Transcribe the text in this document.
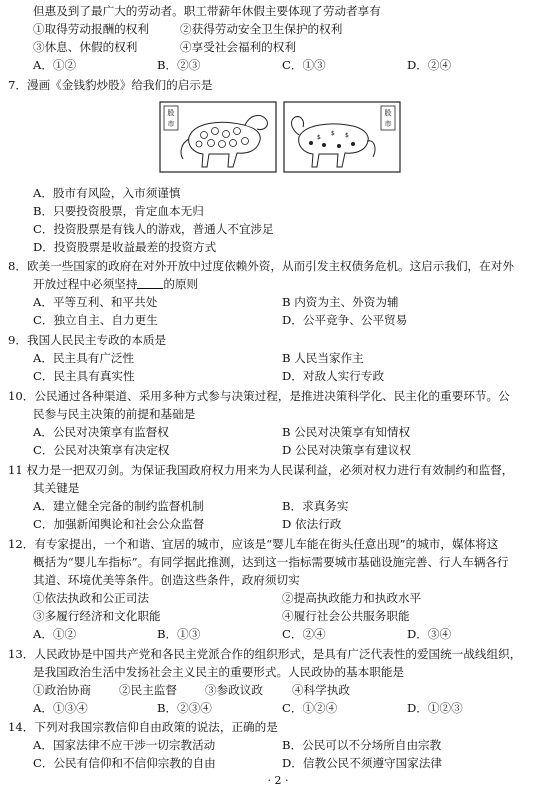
但惠及到了最广大的劳动者。职工带薪年休假主要体现了劳动者享有
①取得劳动报酬的权利	②获得劳动安全卫生保护的权利
③休息、休假的权利	④享受社会福利的权利
A．①②	B．②③	C．①③	D．②④
7．漫画《金钱豹炒股》给我们的启示是
股
市
股
市
$
$ $
A．股市有风险，入市须谨慎
B．只要投资股票，肯定血本无归
C．投资股票是有钱人的游戏，普通人不宜涉足
D．投资股票是收益最差的投资方式
8．欧美一些国家的政府在对外开放中过度依赖外资，从而引发主权债务危机。这启示我们，在对外
开放过程中必须坚持 的原则
A．平等互利、和平共处	B 内资为主、外资为辅
C．独立自主、自力更生	D．公平竞争、公平贸易
9．我国人民民主专政的本质是
A．民主具有广泛性	B 人民当家作主
C．民主具有真实性	D．对敌人实行专政
10．公民通过各种渠道、采用多种方式参与决策过程，是推进决策科学化、民主化的重要环节。公
民参与民主决策的前提和基础是
A．公民对决策享有监督权	B 公民对决策享有知情权
C．公民对决策享有决定权	D 公民对决策享有建议权
11 权力是一把双刃剑。为保证我国政府权力用来为人民谋利益，必须对权力进行有效制约和监督，
其关键是
A．建立健全完备的制约监督机制	B．求真务实
C．加强新闻舆论和社会公众监督	D 依法行政
12．有专家提出，一个和谐、宜居的城市，应该是“婴儿车能在街头任意出现”的城市，媒体将这
概括为“婴儿车指标”。有同学据此推测，达到这一指标需要城市基础设施完善、行人车辆各行
其道、环境优美等条件。创造这些条件，政府须切实
①依法执政和公正司法	②提高执政能力和执政水平
③多履行经济和文化职能	④履行社会公共服务职能
A．①②	B．①③	C．②④	D．③④
13．人民政协是中国共产党和各民主党派合作的组织形式，是具有广泛代表性的爱国统一战线组织，
是我国政治生活中发扬社会主义民主的重要形式。人民政协的基本职能是
①政治协商 ②民主监督 ③参政议政	④科学执政
A．①③④	B．②③④	C．①②④	D．①②③
14．下列对我国宗教信仰自由政策的说法，正确的是
A．国家法律不应干涉一切宗教活动	B．公民可以不分场所自由宗教
C．公民有信仰和不信仰宗教的自由	D．信教公民不须遵守国家法律
· 2 ·
